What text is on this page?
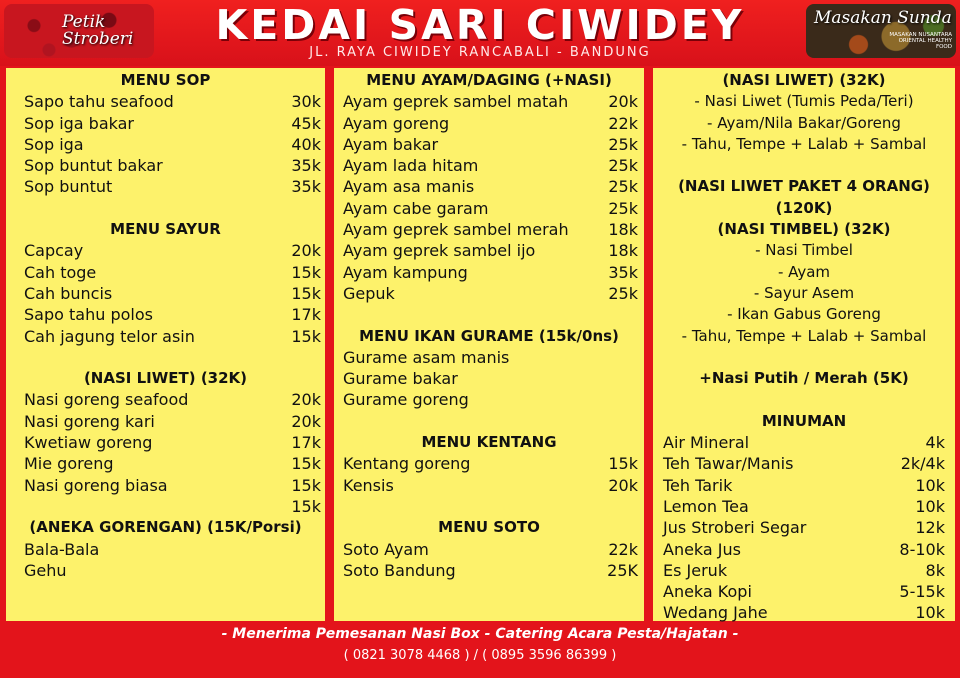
Petik Stroberi	KEDAI SARI CIWIDEY
JL. RAYA CIWIDEY RANCABALI - BANDUNG
Masakan Sunda
MASAKAN NUSANTARA ORIENTAL HEALTHY FOOD
MENU SOP
Sapo tahu seafood	30k
Sop iga bakar	45k
Sop iga	40k
Sop buntut bakar	35k
Sop buntut	35k
MENU SAYUR
Capcay	20k
Cah toge	15k
Cah buncis	15k
Sapo tahu polos	17k
Cah jagung telor asin	15k
(NASI LIWET) (32K)
Nasi goreng seafood	20k
Nasi goreng kari	20k
Kwetiaw goreng	17k
Mie goreng	15k
Nasi goreng biasa	15k
15k
(ANEKA GORENGAN) (15K/Porsi)
Bala-Bala
Gehu
MENU AYAM/DAGING (+NASI)
Ayam geprek sambel matah	20k
Ayam goreng	22k
Ayam bakar	25k
Ayam lada hitam	25k
Ayam asa manis	25k
Ayam cabe garam	25k
Ayam geprek sambel merah 18k
Ayam geprek sambel ijo	18k
Ayam kampung	35k
Gepuk	25k
MENU IKAN GURAME (15k/0ns)
Gurame asam manis
Gurame bakar
Gurame goreng
MENU KENTANG
Kentang goreng	15k
Kensis	20k
MENU SOTO
Soto Ayam	22k
Soto Bandung	25K
(NASI LIWET) (32K)
- Nasi Liwet (Tumis Peda/Teri)
- Ayam/Nila Bakar/Goreng
- Tahu, Tempe + Lalab + Sambal
(NASI LIWET PAKET 4 ORANG) (120K)
(NASI TIMBEL) (32K)
- Nasi Timbel
- Ayam
- Sayur Asem
- Ikan Gabus Goreng
- Tahu, Tempe + Lalab + Sambal
+Nasi Putih / Merah (5K)
MINUMAN
Air Mineral	4k
Teh Tawar/Manis	2k/4k
Teh Tarik	10k
Lemon Tea	10k
Jus Stroberi Segar	12k
Aneka Jus	8-10k
Es Jeruk	8k
Aneka Kopi	5-15k
Wedang Jahe	10k
- Menerima Pemesanan Nasi Box - Catering Acara Pesta/Hajatan -
( 0821 3078 4468 ) / ( 0895 3596 86399 )
